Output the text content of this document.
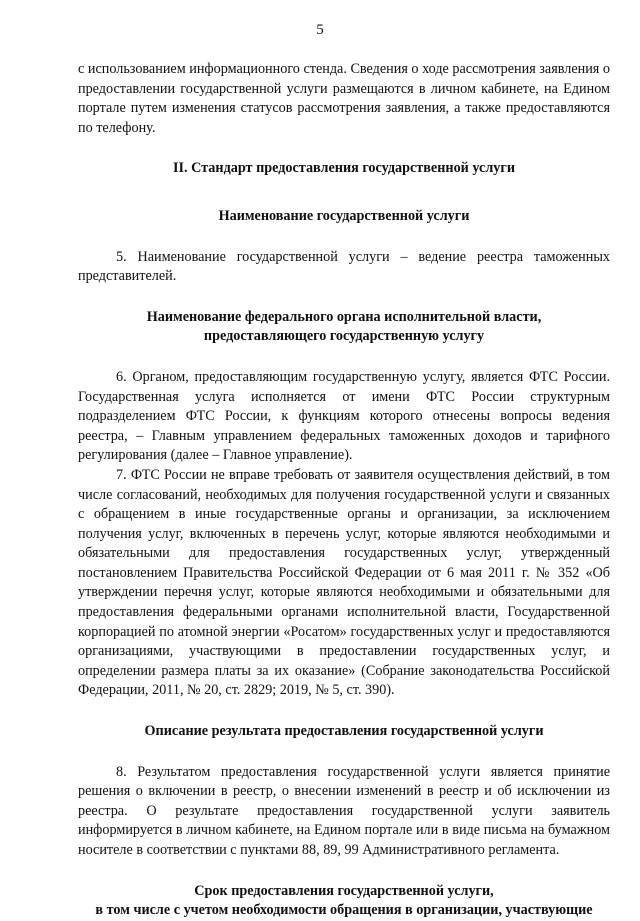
5

с использованием информационного стенда. Сведения о ходе рассмотрения заявления о предоставлении государственной услуги размещаются в личном кабинете, на Едином портале путем изменения статусов рассмотрения заявления, а также предоставляются по телефону.

II. Стандарт предоставления государственной услуги

Наименование государственной услуги

5. Наименование государственной услуги – ведение реестра таможенных представителей.

Наименование федерального органа исполнительной власти,

предоставляющего государственную услугу

6. Органом, предоставляющим государственную услугу, является ФТС России. Государственная услуга исполняется от имени ФТС России структурным подразделением ФТС России, к функциям которого отнесены вопросы ведения реестра, – Главным управлением федеральных таможенных доходов и тарифного регулирования (далее – Главное управление).

7. ФТС России не вправе требовать от заявителя осуществления действий, в том числе согласований, необходимых для получения государственной услуги и связанных с обращением в иные государственные органы и организации, за исключением получения услуг, включенных в перечень услуг, которые являются необходимыми и обязательными для предоставления государственных услуг, утвержденный постановлением Правительства Российской Федерации от 6 мая 2011 г. № 352 «Об утверждении перечня услуг, которые являются необходимыми и обязательными для предоставления федеральными органами исполнительной власти, Государственной корпорацией по атомной энергии «Росатом» государственных услуг и предоставляются организациями, участвующими в предоставлении государственных услуг, и определении размера платы за их оказание» (Собрание законодательства Российской Федерации, 2011, № 20, ст. 2829; 2019, № 5, ст. 390).

Описание результата предоставления государственной услуги

8. Результатом предоставления государственной услуги является принятие решения о включении в реестр, о внесении изменений в реестр и об исключении из реестра. О результате предоставления государственной услуги заявитель информируется в личном кабинете, на Едином портале или в виде письма на бумажном носителе в соответствии с пунктами 88, 89, 99 Административного регламента.

Срок предоставления государственной услуги,

в том числе с учетом необходимости обращения в организации, участвующие
